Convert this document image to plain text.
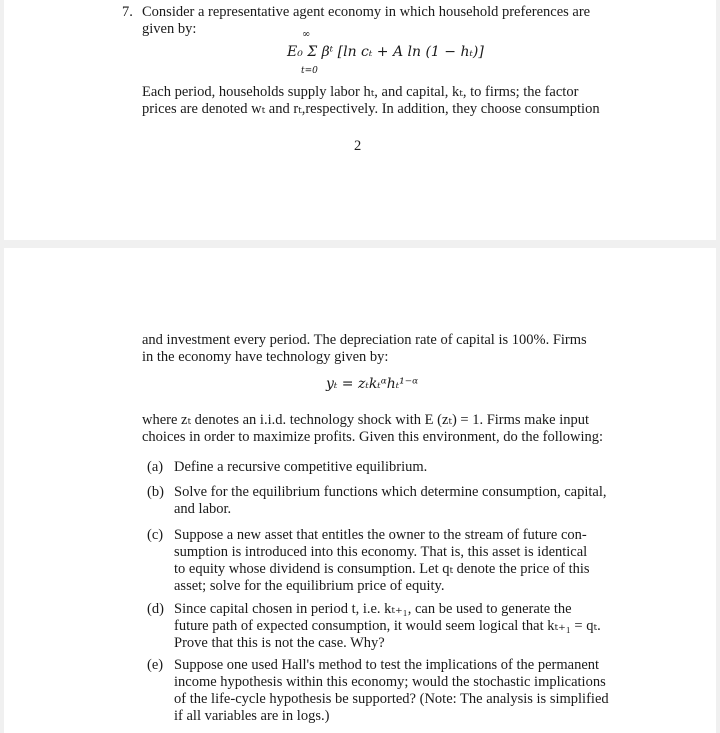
7. Consider a representative agent economy in which household preferences are
given by:	∞
E₀ Σ βᵗ [ln cₜ + A ln (1 − hₜ)]
t=0
Each period, households supply labor hₜ, and capital, kₜ, to firms; the factor
prices are denoted wₜ and rₜ,respectively. In addition, they choose consumption
2
and investment every period. The depreciation rate of capital is 100%. Firms
in the economy have technology given by:
yₜ = zₜkₜᵅhₜ¹⁻ᵅ
where zₜ denotes an i.i.d. technology shock with E (zₜ) = 1. Firms make input
choices in order to maximize profits. Given this environment, do the following:
(a) Define a recursive competitive equilibrium.
(b) Solve for the equilibrium functions which determine consumption, capital,
and labor.
(c) Suppose a new asset that entitles the owner to the stream of future con-
sumption is introduced into this economy. That is, this asset is identical
to equity whose dividend is consumption. Let qₜ denote the price of this
asset; solve for the equilibrium price of equity.
(d) Since capital chosen in period t, i.e. kₜ₊₁, can be used to generate the
future path of expected consumption, it would seem logical that kₜ₊₁ = qₜ.
Prove that this is not the case. Why?
(e) Suppose one used Hall's method to test the implications of the permanent
income hypothesis within this economy; would the stochastic implications
of the life-cycle hypothesis be supported? (Note: The analysis is simplified
if all variables are in logs.)
